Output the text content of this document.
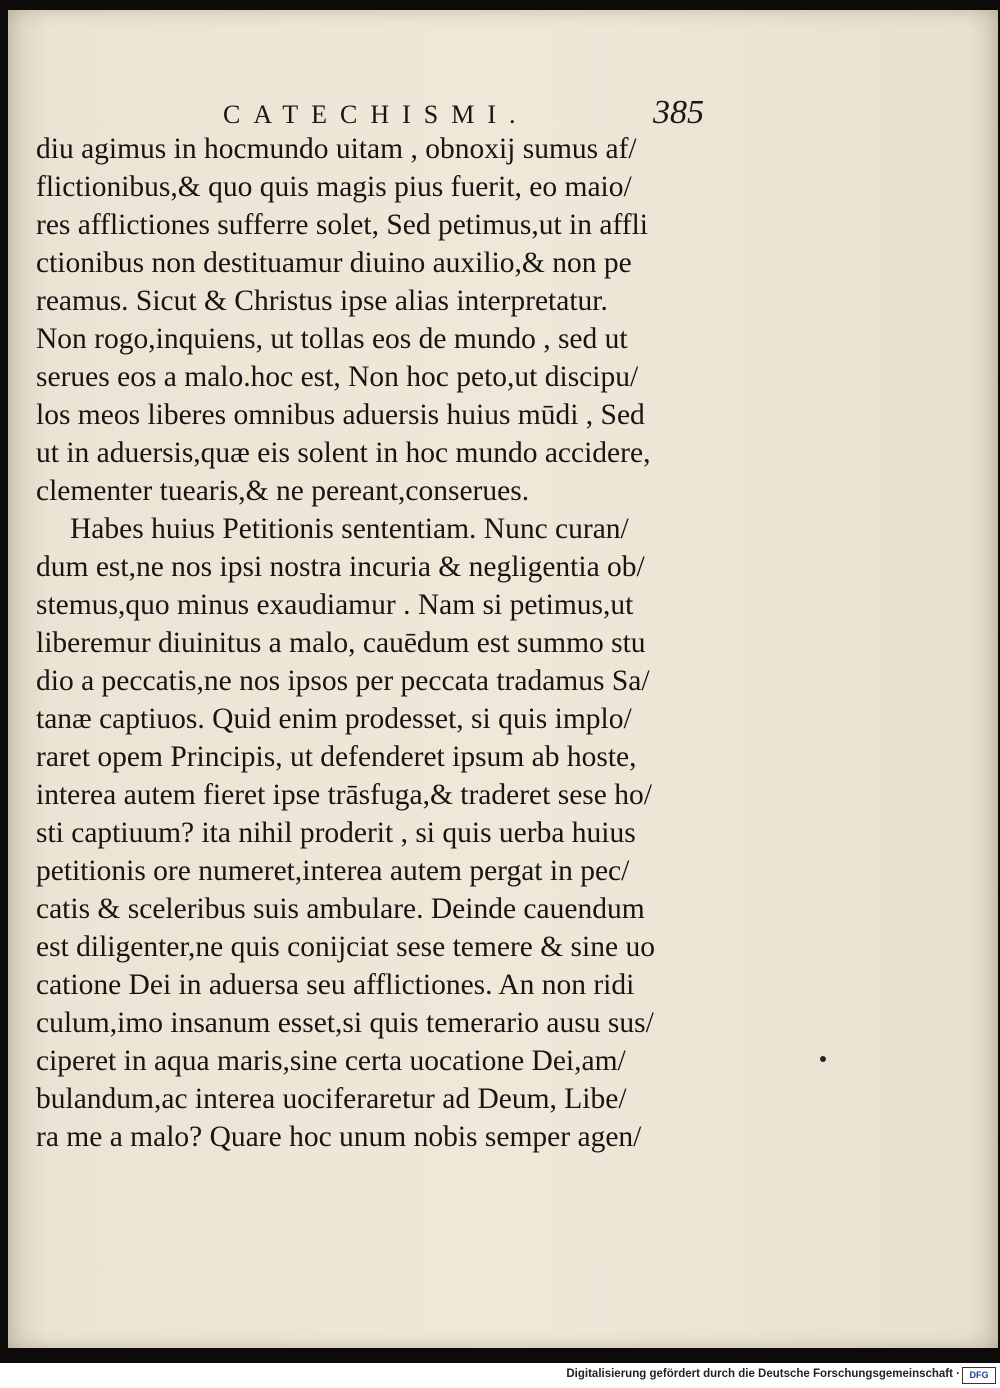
CATECHISMI.	385
diu agimus in hocmundo uitam , obnoxij sumus af/
flictionibus,& quo quis magis pius fuerit, eo maio/
res afflictiones sufferre solet, Sed petimus,ut in affli
ctionibus non destituamur diuino auxilio,& non pe
reamus. Sicut & Christus ipse alias interpretatur.
Non rogo,inquiens, ut tollas eos de mundo , sed ut
serues eos a malo.hoc est, Non hoc peto,ut discipu/
los meos liberes omnibus aduersis huius mūdi , Sed
ut in aduersis,quæ eis solent in hoc mundo accidere,
clementer tuearis,& ne pereant,conserues.
Habes huius Petitionis sententiam. Nunc curan/
dum est,ne nos ipsi nostra incuria & negligentia ob/
stemus,quo minus exaudiamur . Nam si petimus,ut
liberemur diuinitus a malo, cauēdum est summo stu
dio a peccatis,ne nos ipsos per peccata tradamus Sa/
tanæ captiuos. Quid enim prodesset, si quis implo/
raret opem Principis, ut defenderet ipsum ab hoste,
interea autem fieret ipse trāsfuga,& traderet sese ho/
sti captiuum? ita nihil proderit , si quis uerba huius
petitionis ore numeret,interea autem pergat in pec/
catis & sceleribus suis ambulare. Deinde cauendum
est diligenter,ne quis conijciat sese temere & sine uo
catione Dei in aduersa seu afflictiones. An non ridi
culum,imo insanum esset,si quis temerario ausu sus/
ciperet in aqua maris,sine certa uocatione Dei,am/
bulandum,ac interea uociferaretur ad Deum, Libe/
ra me a malo? Quare hoc unum nobis semper agen/
Digitalisierung gefördert durch die Deutsche Forschungsgemeinschaft ·	DFG
